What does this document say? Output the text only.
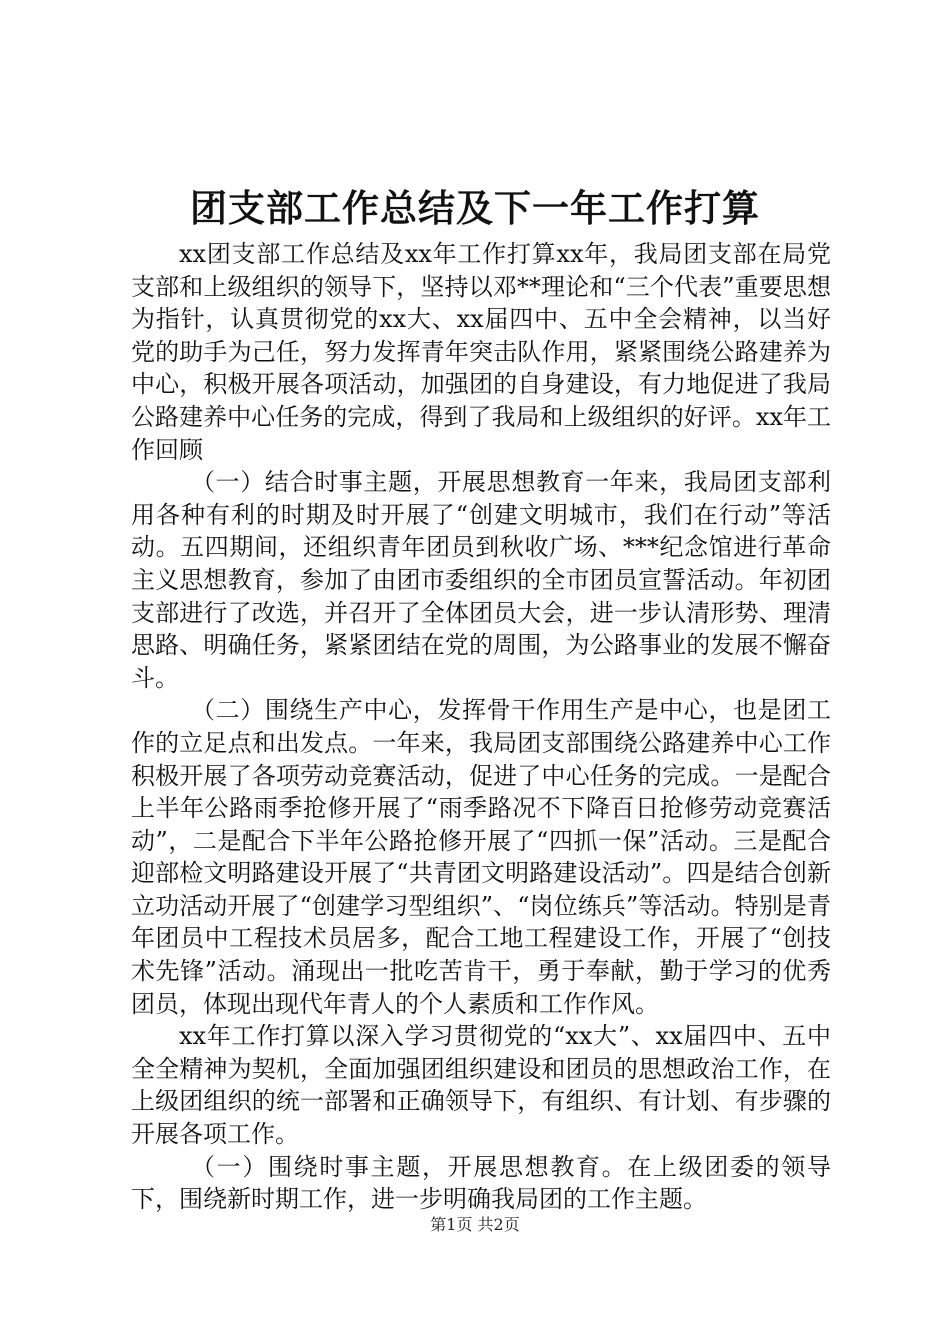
团支部工作总结及下一年工作打算

xx团支部工作总结及xx年工作打算xx年，我局团支部在局党支部和上级组织的领导下，坚持以邓**理论和“三个代表”重要思想为指针，认真贯彻党的xx大、xx届四中、五中全会精神，以当好党的助手为己任，努力发挥青年突击队作用，紧紧围绕公路建养为中心，积极开展各项活动，加强团的自身建设，有力地促进了我局公路建养中心任务的完成，得到了我局和上级组织的好评。xx年工作回顾

（一）结合时事主题，开展思想教育一年来，我局团支部利用各种有利的时期及时开展了“创建文明城市，我们在行动”等活动。五四期间，还组织青年团员到秋收广场、***纪念馆进行革命主义思想教育，参加了由团市委组织的全市团员宣誓活动。年初团支部进行了改选，并召开了全体团员大会，进一步认清形势、理清思路、明确任务，紧紧团结在党的周围，为公路事业的发展不懈奋斗。

（二）围绕生产中心，发挥骨干作用生产是中心，也是团工作的立足点和出发点。一年来，我局团支部围绕公路建养中心工作积极开展了各项劳动竞赛活动，促进了中心任务的完成。一是配合上半年公路雨季抢修开展了“雨季路况不下降百日抢修劳动竞赛活动”，二是配合下半年公路抢修开展了“四抓一保”活动。三是配合迎部检文明路建设开展了“共青团文明路建设活动”。四是结合创新立功活动开展了“创建学习型组织”、“岗位练兵”等活动。特别是青年团员中工程技术员居多，配合工地工程建设工作，开展了“创技术先锋”活动。涌现出一批吃苦肯干，勇于奉献，勤于学习的优秀团员，体现出现代年青人的个人素质和工作作风。

xx年工作打算以深入学习贯彻党的“xx大”、xx届四中、五中全全精神为契机，全面加强团组织建设和团员的思想政治工作，在上级团组织的统一部署和正确领导下，有组织、有计划、有步骤的开展各项工作。

（一）围绕时事主题，开展思想教育。在上级团委的领导下，围绕新时期工作，进一步明确我局团的工作主题。

第1页 共2页
